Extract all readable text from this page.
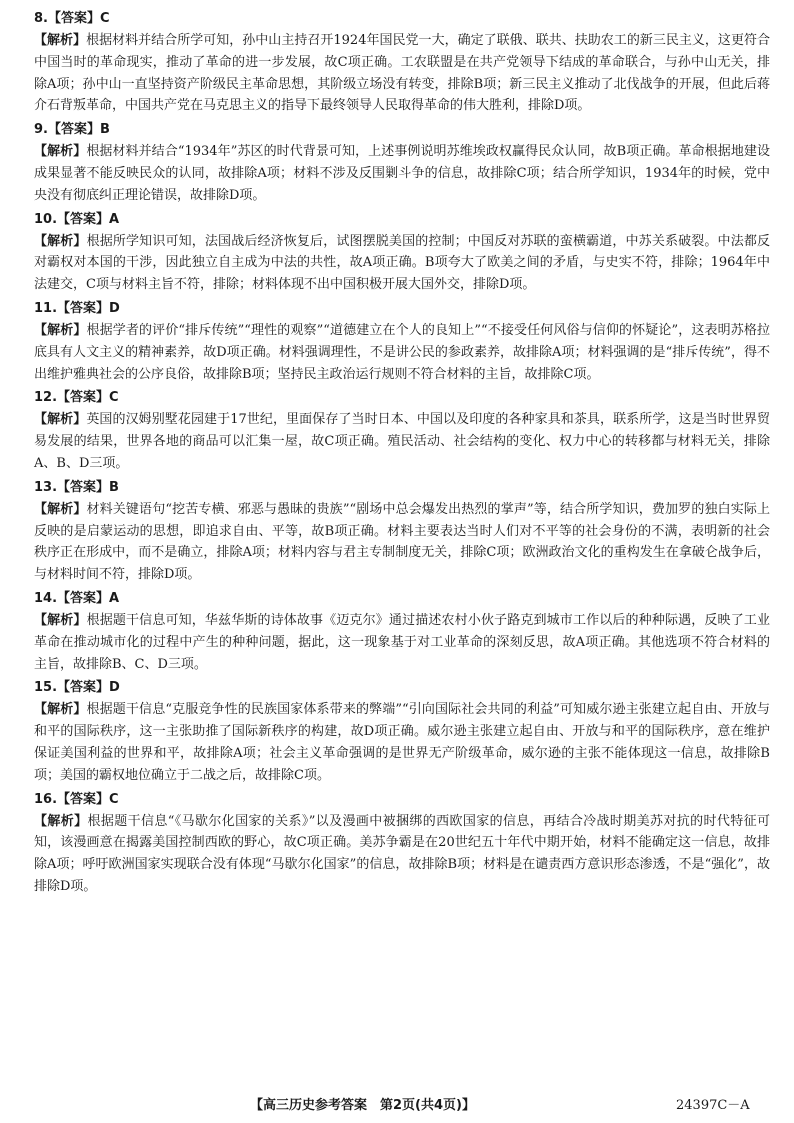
8.【答案】C

【解析】根据材料并结合所学可知，孙中山主持召开1924年国民党一大，确定了联俄、联共、扶助农工的新三民主义，这更符合中国当时的革命现实，推动了革命的进一步发展，故C项正确。工农联盟是在共产党领导下结成的革命联合，与孙中山无关，排除A项；孙中山一直坚持资产阶级民主革命思想，其阶级立场没有转变，排除B项；新三民主义推动了北伐战争的开展，但此后蒋介石背叛革命，中国共产党在马克思主义的指导下最终领导人民取得革命的伟大胜利，排除D项。

9.【答案】B

【解析】根据材料并结合“1934年”苏区的时代背景可知，上述事例说明苏维埃政权赢得民众认同，故B项正确。革命根据地建设成果显著不能反映民众的认同，故排除A项；材料不涉及反围剿斗争的信息，故排除C项；结合所学知识，1934年的时候，党中央没有彻底纠正理论错误，故排除D项。

10.【答案】A

【解析】根据所学知识可知，法国战后经济恢复后，试图摆脱美国的控制；中国反对苏联的蛮横霸道，中苏关系破裂。中法都反对霸权对本国的干涉，因此独立自主成为中法的共性，故A项正确。B项夸大了欧美之间的矛盾，与史实不符，排除；1964年中法建交，C项与材料主旨不符，排除；材料体现不出中国积极开展大国外交，排除D项。

11.【答案】D

【解析】根据学者的评价“排斥传统”“理性的观察”“道德建立在个人的良知上”“不接受任何风俗与信仰的怀疑论”，这表明苏格拉底具有人文主义的精神素养，故D项正确。材料强调理性，不是讲公民的参政素养，故排除A项；材料强调的是“排斥传统”，得不出维护雅典社会的公序良俗，故排除B项；坚持民主政治运行规则不符合材料的主旨，故排除C项。

12.【答案】C

【解析】英国的汉姆别墅花园建于17世纪，里面保存了当时日本、中国以及印度的各种家具和茶具，联系所学，这是当时世界贸易发展的结果，世界各地的商品可以汇集一屋，故C项正确。殖民活动、社会结构的变化、权力中心的转移都与材料无关，排除A、B、D三项。

13.【答案】B

【解析】材料关键语句“挖苦专横、邪恶与愚昧的贵族”“剧场中总会爆发出热烈的掌声”等，结合所学知识，费加罗的独白实际上反映的是启蒙运动的思想，即追求自由、平等，故B项正确。材料主要表达当时人们对不平等的社会身份的不满，表明新的社会秩序正在形成中，而不是确立，排除A项；材料内容与君主专制制度无关，排除C项；欧洲政治文化的重构发生在拿破仑战争后，与材料时间不符，排除D项。

14.【答案】A

【解析】根据题干信息可知，华兹华斯的诗体故事《迈克尔》通过描述农村小伙子路克到城市工作以后的种种际遇，反映了工业革命在推动城市化的过程中产生的种种问题，据此，这一现象基于对工业革命的深刻反思，故A项正确。其他选项不符合材料的主旨，故排除B、C、D三项。

15.【答案】D

【解析】根据题干信息“克服竞争性的民族国家体系带来的弊端”“引向国际社会共同的利益”可知威尔逊主张建立起自由、开放与和平的国际秩序，这一主张助推了国际新秩序的构建，故D项正确。威尔逊主张建立起自由、开放与和平的国际秩序，意在维护保证美国利益的世界和平，故排除A项；社会主义革命强调的是世界无产阶级革命，威尔逊的主张不能体现这一信息，故排除B项；美国的霸权地位确立于二战之后，故排除C项。

16.【答案】C

【解析】根据题干信息“《马歇尔化国家的关系》”以及漫画中被捆绑的西欧国家的信息，再结合冷战时期美苏对抗的时代特征可知，该漫画意在揭露美国控制西欧的野心，故C项正确。美苏争霸是在20世纪五十年代中期开始，材料不能确定这一信息，故排除A项；呼吁欧洲国家实现联合没有体现“马歇尔化国家”的信息，故排除B项；材料是在谴责西方意识形态渗透，不是“强化”，故排除D项。

【高三历史参考答案　第2页(共4页)】	24397C－A
